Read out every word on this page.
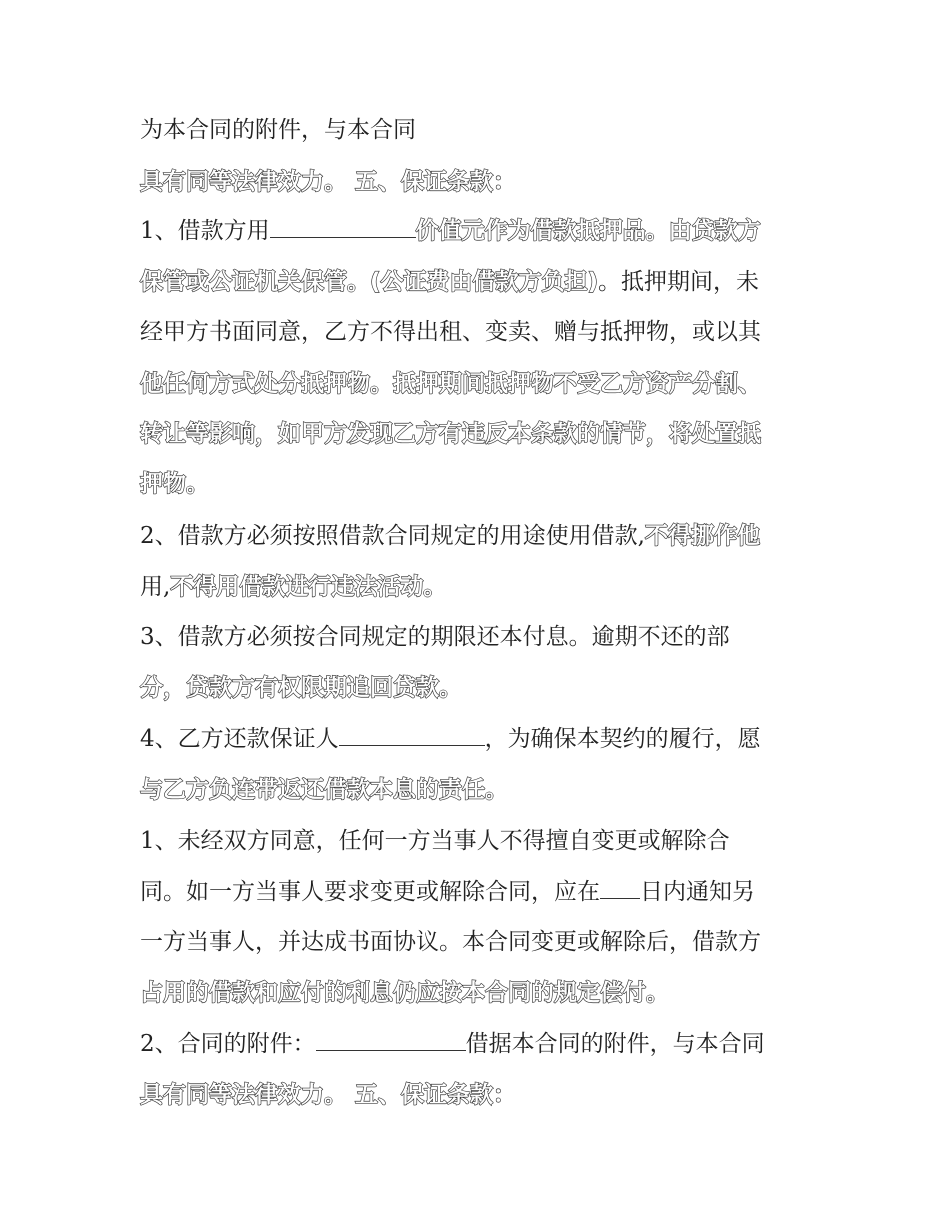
为本合同的附件，与本合同
具有同等法律效力。 五、保证条款：
1、借款方用	价值元作为借款抵押品。由贷款方
保管或公证机关保管。(公证费由借款方负担)。抵押期间，未
经甲方书面同意，乙方不得出租、变卖、赠与抵押物，或以其
他任何方式处分抵押物。抵押期间抵押物不受乙方资产分割、
转让等影响，如甲方发现乙方有违反本条款的情节，将处置抵
押物。
2、借款方必须按照借款合同规定的用途使用借款,不得挪作他
用,不得用借款进行违法活动。
3、借款方必须按合同规定的期限还本付息。逾期不还的部
分，贷款方有权限期追回贷款。
4、乙方还款保证人	，为确保本契约的履行，愿
与乙方负连带返还借款本息的责任。
1、未经双方同意，任何一方当事人不得擅自变更或解除合
同。如一方当事人要求变更或解除合同，应在 日内通知另
一方当事人，并达成书面协议。本合同变更或解除后，借款方
占用的借款和应付的利息仍应按本合同的规定偿付。
2、合同的附件：	借据本合同的附件，与本合同
具有同等法律效力。 五、保证条款：
